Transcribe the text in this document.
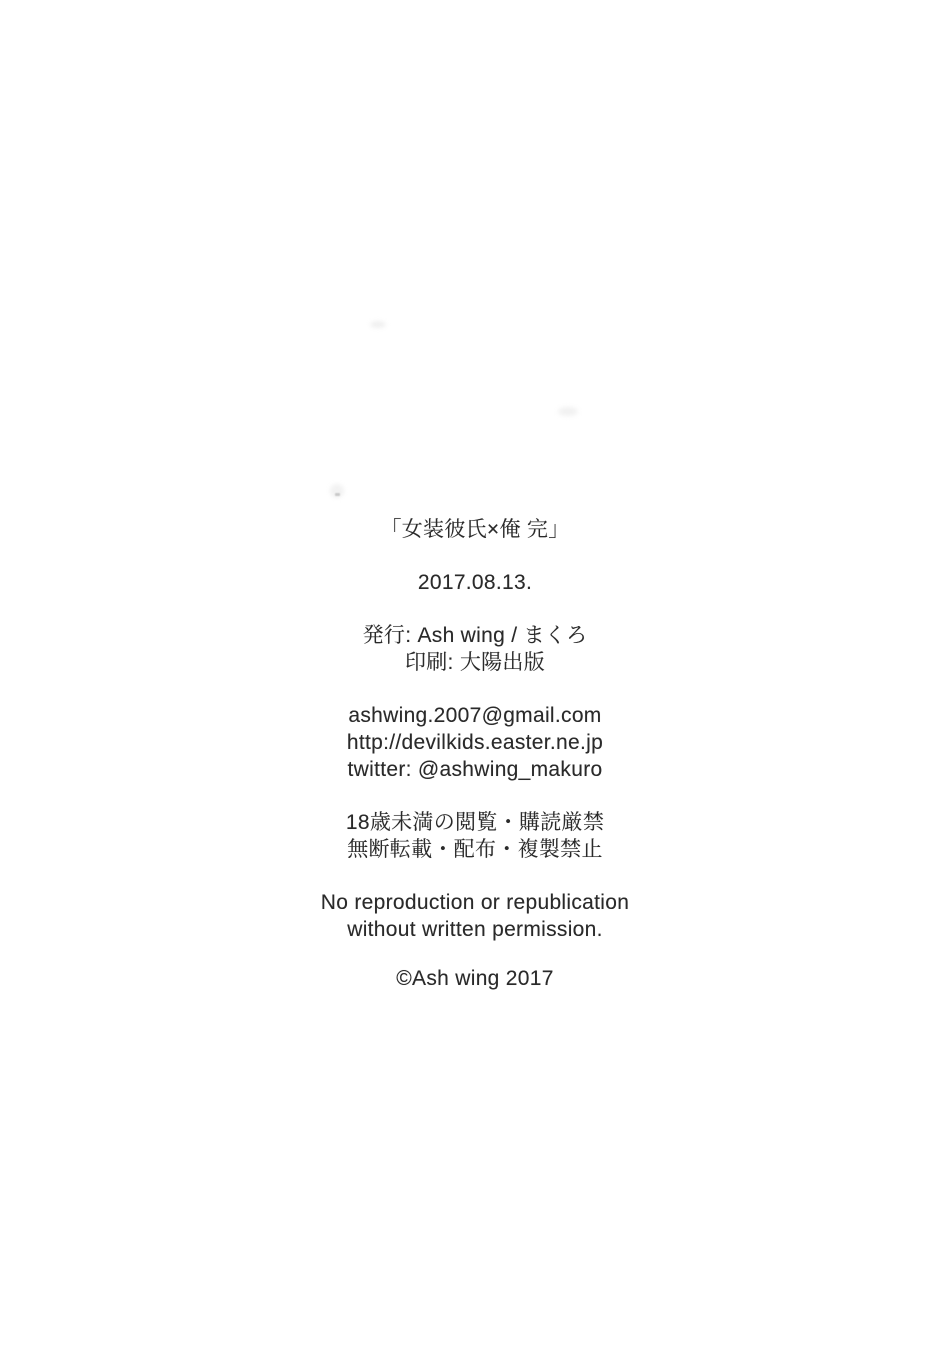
「女装彼氏×俺 完」

2017.08.13.

発行: Ash wing / まくろ

印刷: 大陽出版

ashwing.2007@gmail.com

http://devilkids.easter.ne.jp

twitter: @ashwing_makuro

18歳未満の閲覧・購読厳禁

無断転載・配布・複製禁止

No reproduction or republication

without written permission.

©Ash wing 2017
